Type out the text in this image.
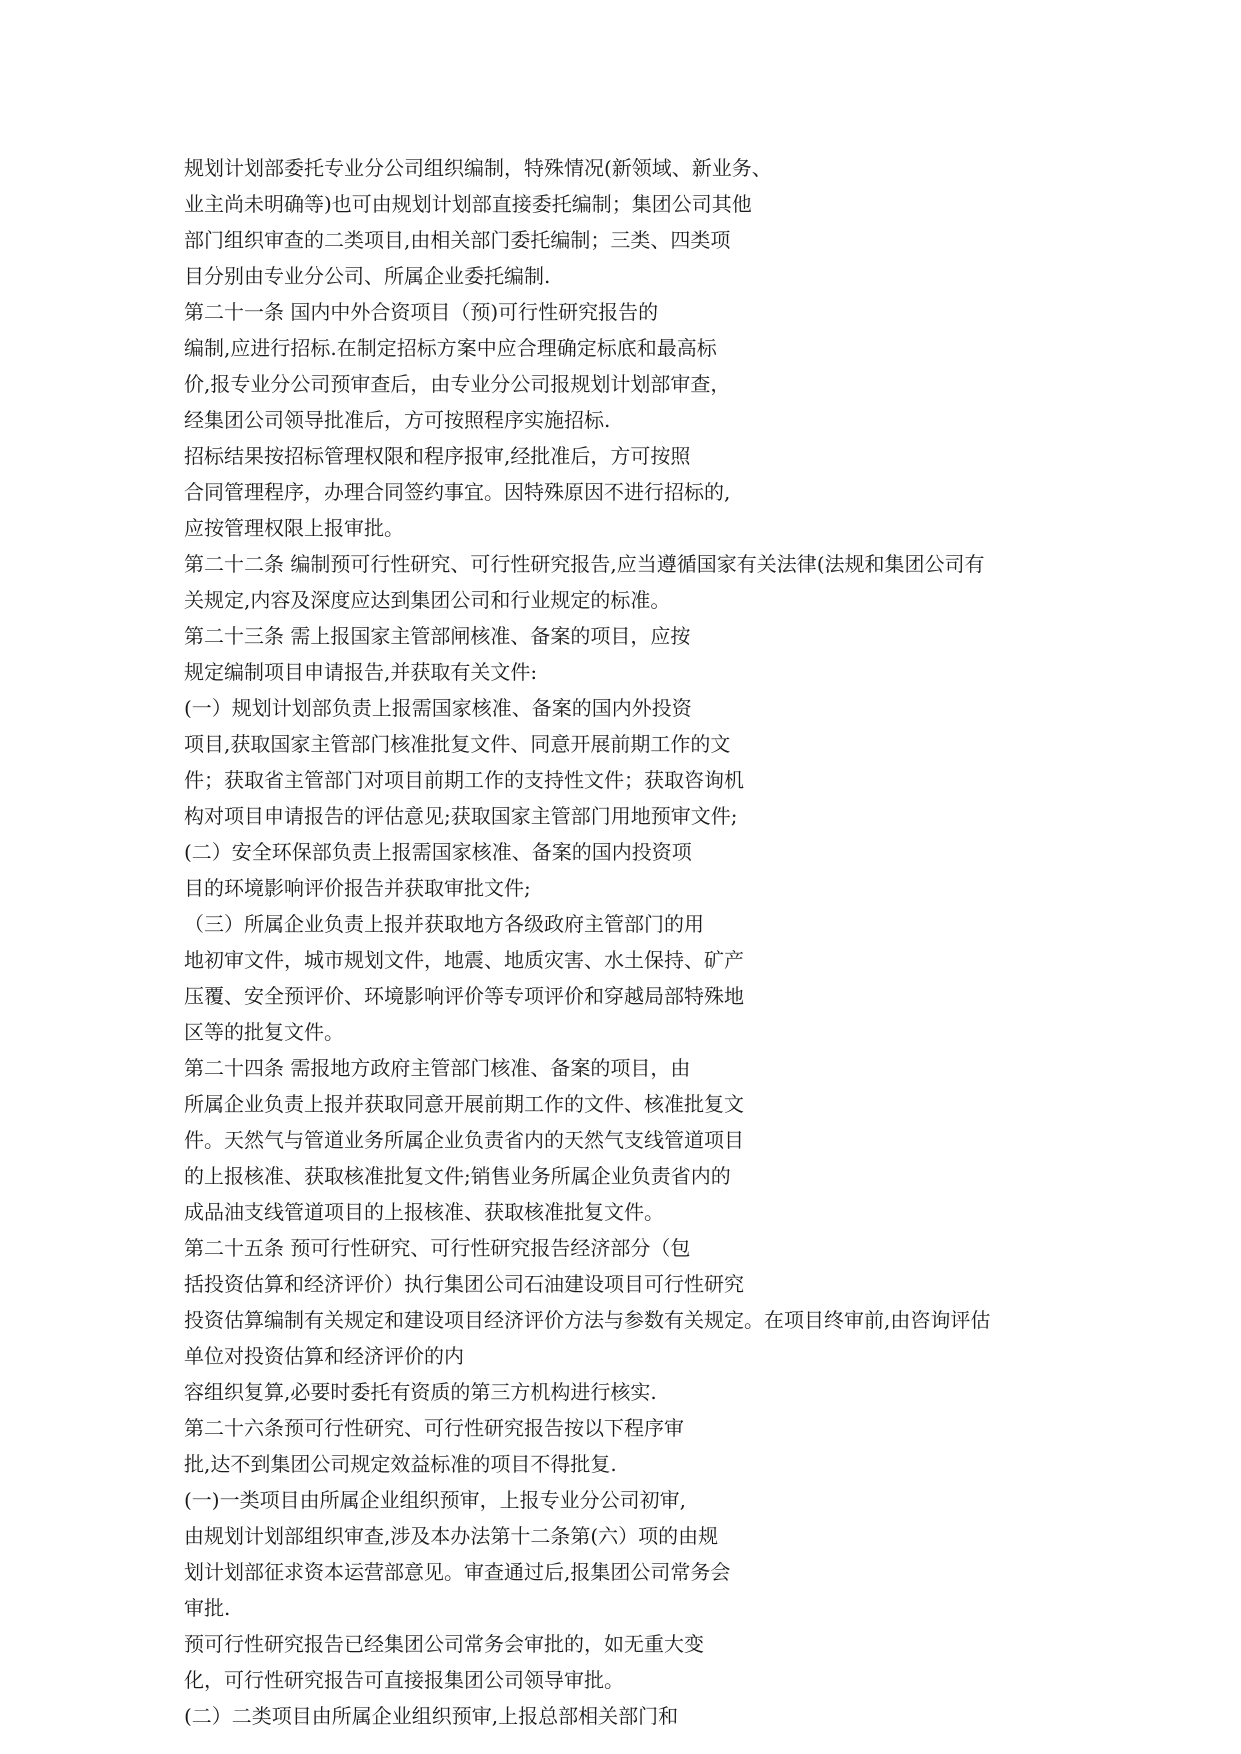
规划计划部委托专业分公司组织编制，特殊情况(新领域、新业务、
业主尚未明确等)也可由规划计划部直接委托编制；集团公司其他
部门组织审查的二类项目,由相关部门委托编制；三类、四类项
目分别由专业分公司、所属企业委托编制.
第二十一条 国内中外合资项目（预)可行性研究报告的
编制,应进行招标.在制定招标方案中应合理确定标底和最高标
价,报专业分公司预审查后，由专业分公司报规划计划部审查，
经集团公司领导批准后，方可按照程序实施招标.
招标结果按招标管理权限和程序报审,经批准后，方可按照
合同管理程序，办理合同签约事宜。因特殊原因不进行招标的,
应按管理权限上报审批。
第二十二条 编制预可行性研究、可行性研究报告,应当遵循国家有关法律(法规和集团公司有
关规定,内容及深度应达到集团公司和行业规定的标准。
第二十三条 需上报国家主管部闸核准、备案的项目，应按
规定编制项目申请报告,并获取有关文件:
(一）规划计划部负责上报需国家核准、备案的国内外投资
项目,获取国家主管部门核准批复文件、同意开展前期工作的文
件；获取省主管部门对项目前期工作的支持性文件；获取咨询机
构对项目申请报告的评估意见;获取国家主管部门用地预审文件;
(二）安全环保部负责上报需国家核准、备案的国内投资项
目的环境影响评价报告并获取审批文件;
（三）所属企业负责上报并获取地方各级政府主管部门的用
地初审文件，城市规划文件，地震、地质灾害、水土保持、矿产
压覆、安全预评价、环境影响评价等专项评价和穿越局部特殊地
区等的批复文件。
第二十四条 需报地方政府主管部门核准、备案的项目，由
所属企业负责上报并获取同意开展前期工作的文件、核准批复文
件。天然气与管道业务所属企业负责省内的天然气支线管道项目
的上报核准、获取核准批复文件;销售业务所属企业负责省内的
成品油支线管道项目的上报核准、获取核准批复文件。
第二十五条 预可行性研究、可行性研究报告经济部分（包
括投资估算和经济评价）执行集团公司石油建设项目可行性研究
投资估算编制有关规定和建设项目经济评价方法与参数有关规定。在项目终审前,由咨询评估
单位对投资估算和经济评价的内
容组织复算,必要时委托有资质的第三方机构进行核实.
第二十六条预可行性研究、可行性研究报告按以下程序审
批,达不到集团公司规定效益标准的项目不得批复.
(一)一类项目由所属企业组织预审，上报专业分公司初审,
由规划计划部组织审查,涉及本办法第十二条第(六）项的由规
划计划部征求资本运营部意见。审查通过后,报集团公司常务会
审批.
预可行性研究报告已经集团公司常务会审批的，如无重大变
化，可行性研究报告可直接报集团公司领导审批。
(二）二类项目由所属企业组织预审,上报总部相关部门和
